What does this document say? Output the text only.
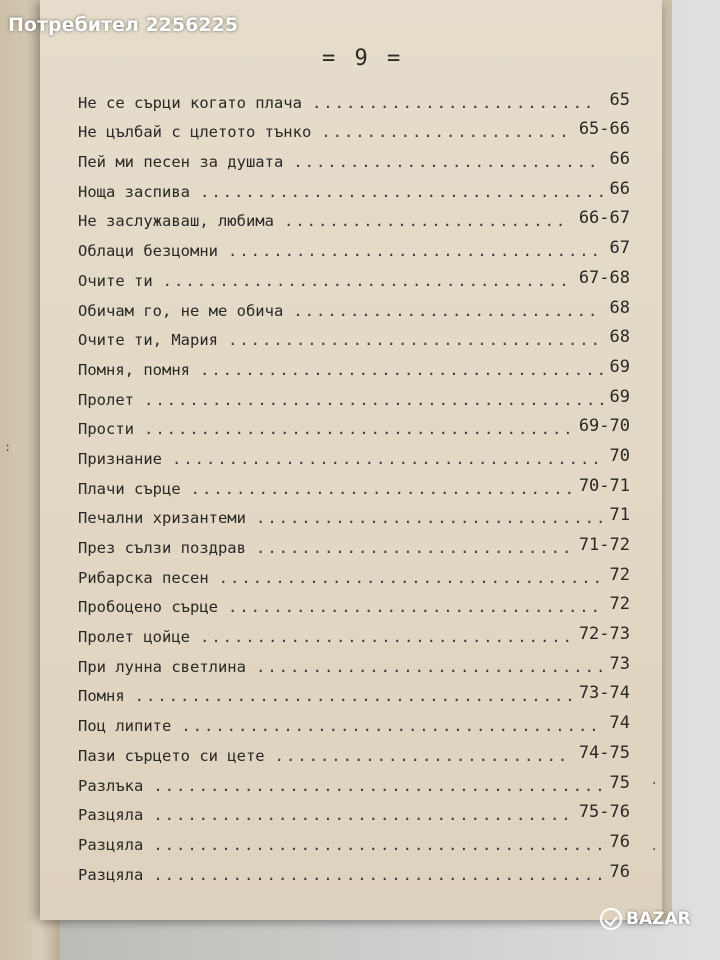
:
·
·
= 9 =
Не се сърци когато плача ......................... 65
Не цълбай с цлетото тънко ...................... 65-66
Пей ми песен за душата ........................... 66
Ноща заспива .................................... 66
Не заслужаваш, любима ......................... 66-67
Облаци безцомни ................................. 67
Очите ти .................................... 67-68
Обичам го, не ме обича ........................... 68
Очите ти, Мария ................................. 68
Помня, помня .................................... 69
Пролет ......................................... 69
Прости ...................................... 69-70
Признание ...................................... 70
Плачи сърце .................................. 70-71
Печални хризантеми ............................... 71
През сълзи поздрав ............................ 71-72
Рибарска песен .................................. 72
Пробоцено сърце ................................. 72
Пролет цойце ................................. 72-73
При лунна светлина ............................... 73
Помня ....................................... 73-74
Поц липите ..................................... 74
Пази сърцето си цете .......................... 74-75
Разлъка ........................................ 75
Разцяла ..................................... 75-76
Разцяла ........................................ 76
Разцяла ........................................ 76
Потребител 2256225
BAZAR
